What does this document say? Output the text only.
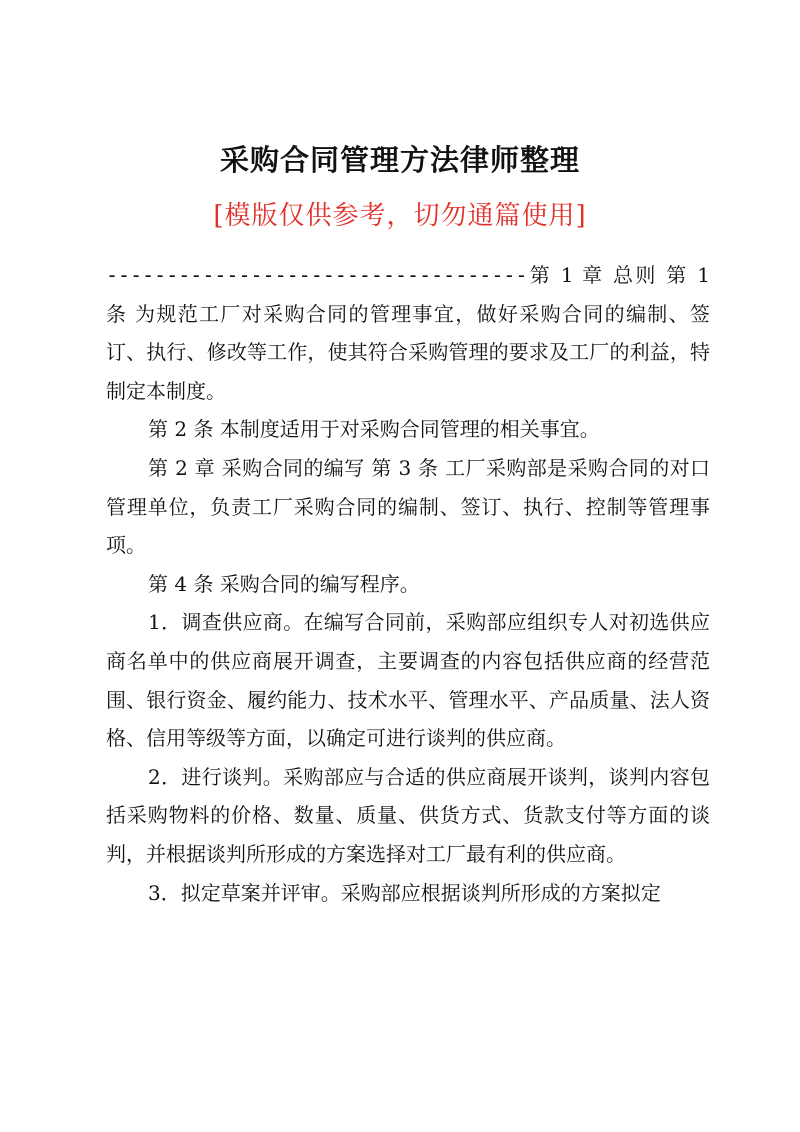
采购合同管理方法律师整理
[模版仅供参考，切勿通篇使用]

-----------------------------------第 1 章 总则 第 1 条 为规范工厂对采购合同的管理事宜，做好采购合同的编制、签订、执行、修改等工作，使其符合采购管理的要求及工厂的利益，特制定本制度。

第 2 条 本制度适用于对采购合同管理的相关事宜。

第 2 章 采购合同的编写 第 3 条 工厂采购部是采购合同的对口管理单位，负责工厂采购合同的编制、签订、执行、控制等管理事项。

第 4 条 采购合同的编写程序。

1．调查供应商。在编写合同前，采购部应组织专人对初选供应商名单中的供应商展开调查，主要调查的内容包括供应商的经营范围、银行资金、履约能力、技术水平、管理水平、产品质量、法人资格、信用等级等方面，以确定可进行谈判的供应商。

2．进行谈判。采购部应与合适的供应商展开谈判，谈判内容包括采购物料的价格、数量、质量、供货方式、货款支付等方面的谈判，并根据谈判所形成的方案选择对工厂最有利的供应商。

3．拟定草案并评审。采购部应根据谈判所形成的方案拟定
